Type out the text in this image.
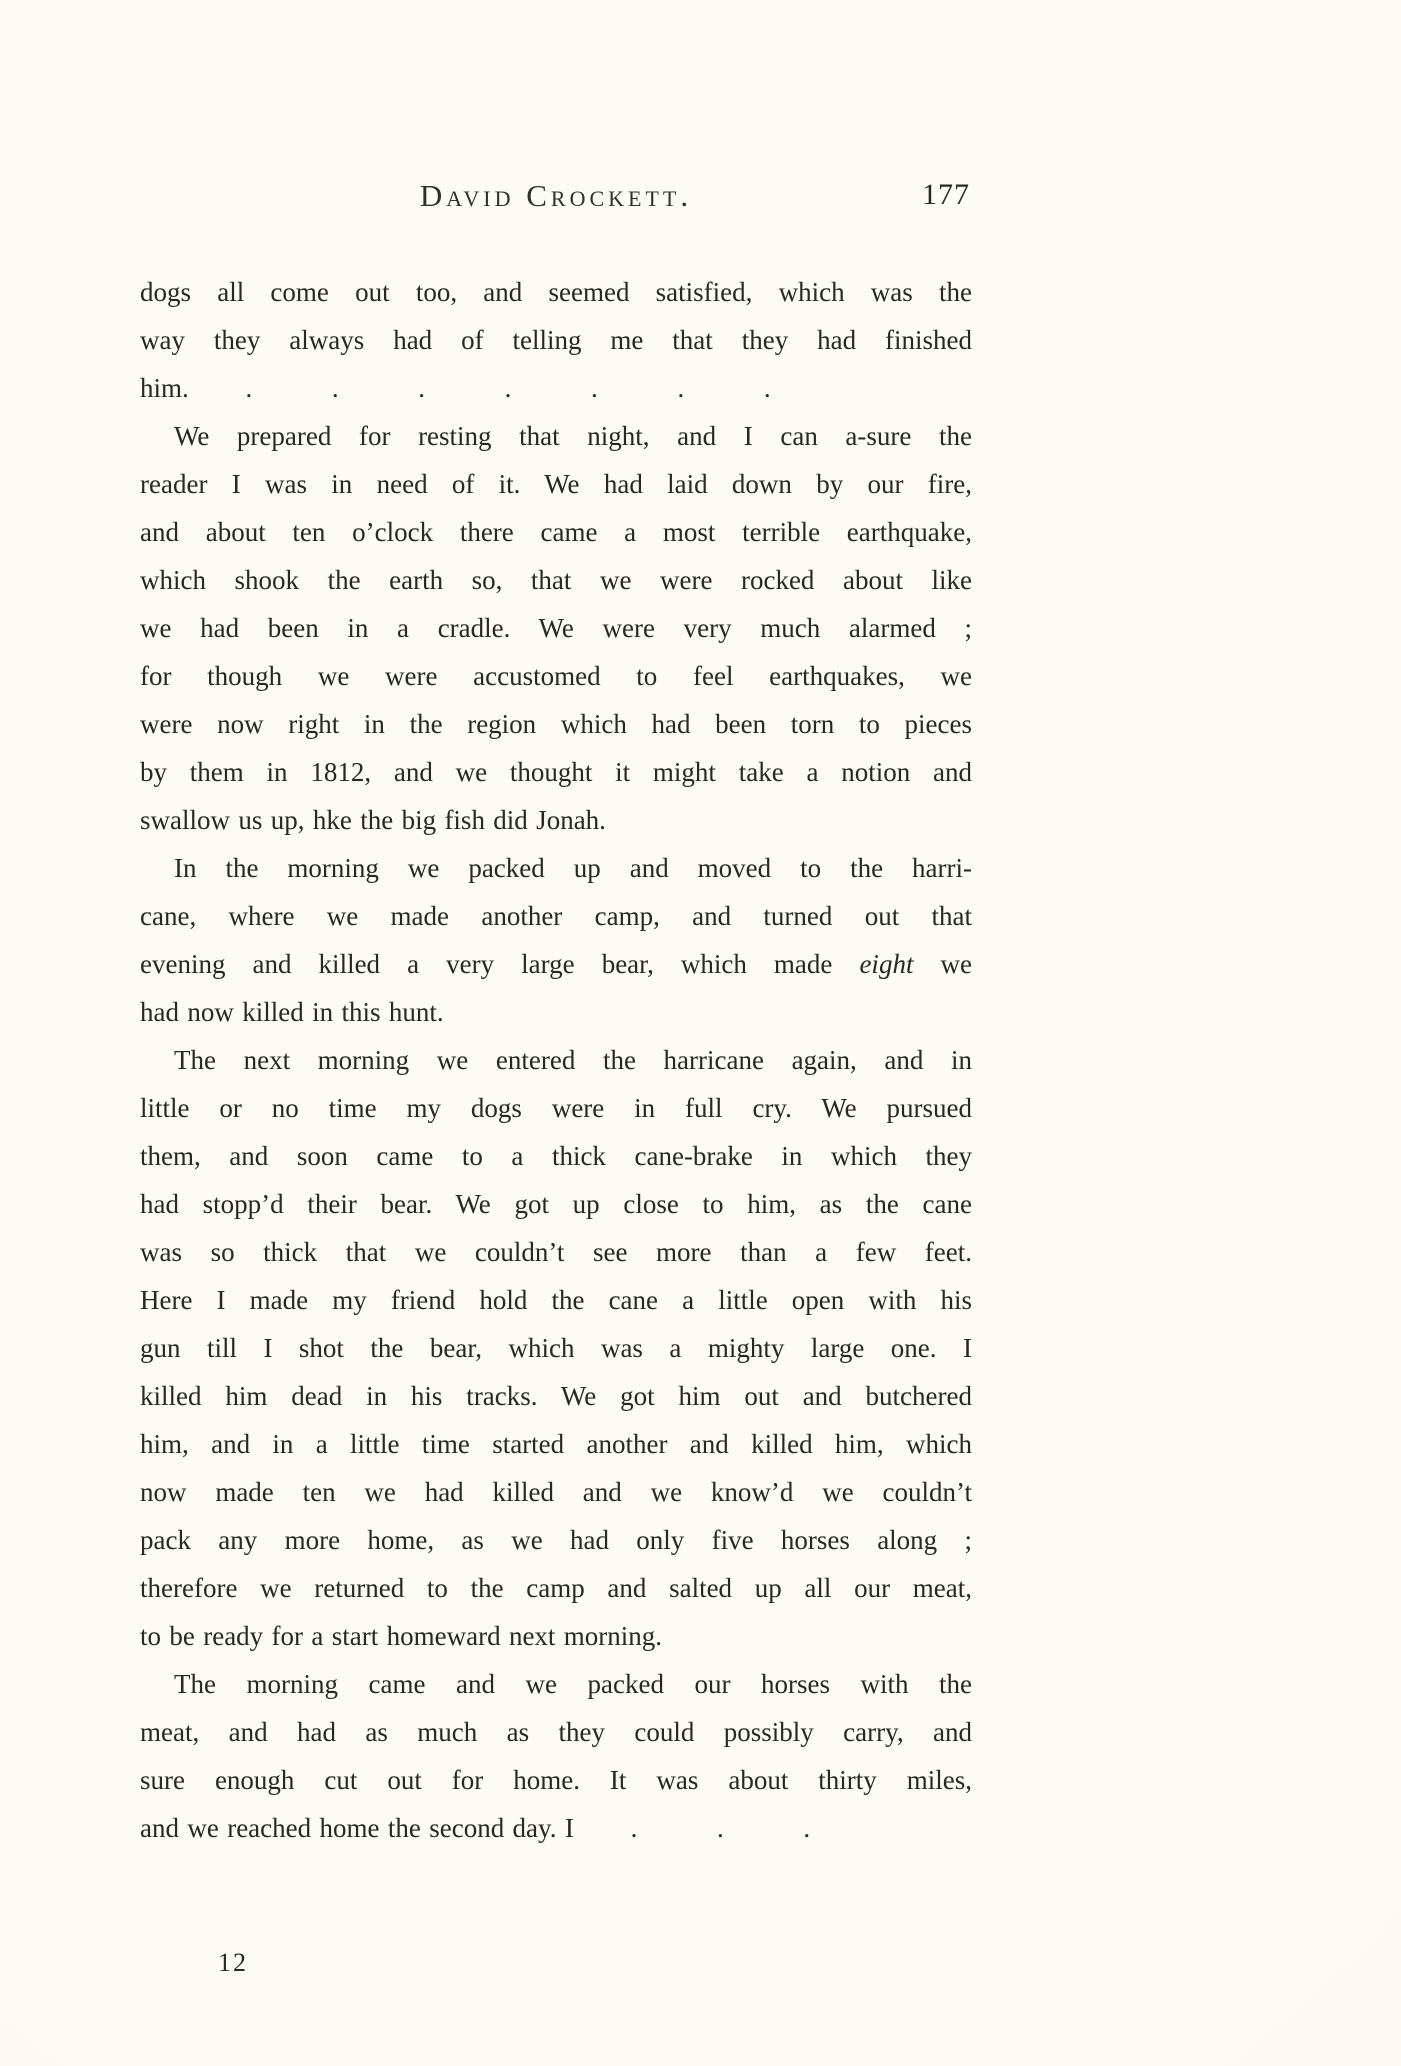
David Crockett.	177
dogs all come out too, and seemed satisfied, which was the
way they always had of telling me that they had finished
him. . . . . . . .
We prepared for resting that night, and I can a-sure the
reader I was in need of it. We had laid down by our fire,
and about ten o’clock there came a most terrible earthquake,
which shook the earth so, that we were rocked about like
we had been in a cradle. We were very much alarmed ;
for though we were accustomed to feel earthquakes, we
were now right in the region which had been torn to pieces
by them in 1812, and we thought it might take a notion and
swallow us up, hke the big fish did Jonah.
In the morning we packed up and moved to the harri-
cane, where we made another camp, and turned out that
evening and killed a very large bear, which made eight we
had now killed in this hunt.
The next morning we entered the harricane again, and in
little or no time my dogs were in full cry. We pursued
them, and soon came to a thick cane-brake in which they
had stopp’d their bear. We got up close to him, as the cane
was so thick that we couldn’t see more than a few feet.
Here I made my friend hold the cane a little open with his
gun till I shot the bear, which was a mighty large one. I
killed him dead in his tracks. We got him out and butchered
him, and in a little time started another and killed him, which
now made ten we had killed and we know’d we couldn’t
pack any more home, as we had only five horses along ;
therefore we returned to the camp and salted up all our meat,
to be ready for a start homeward next morning.
The morning came and we packed our horses with the
meat, and had as much as they could possibly carry, and
sure enough cut out for home. It was about thirty miles,
and we reached home the second day. I . . .
12
